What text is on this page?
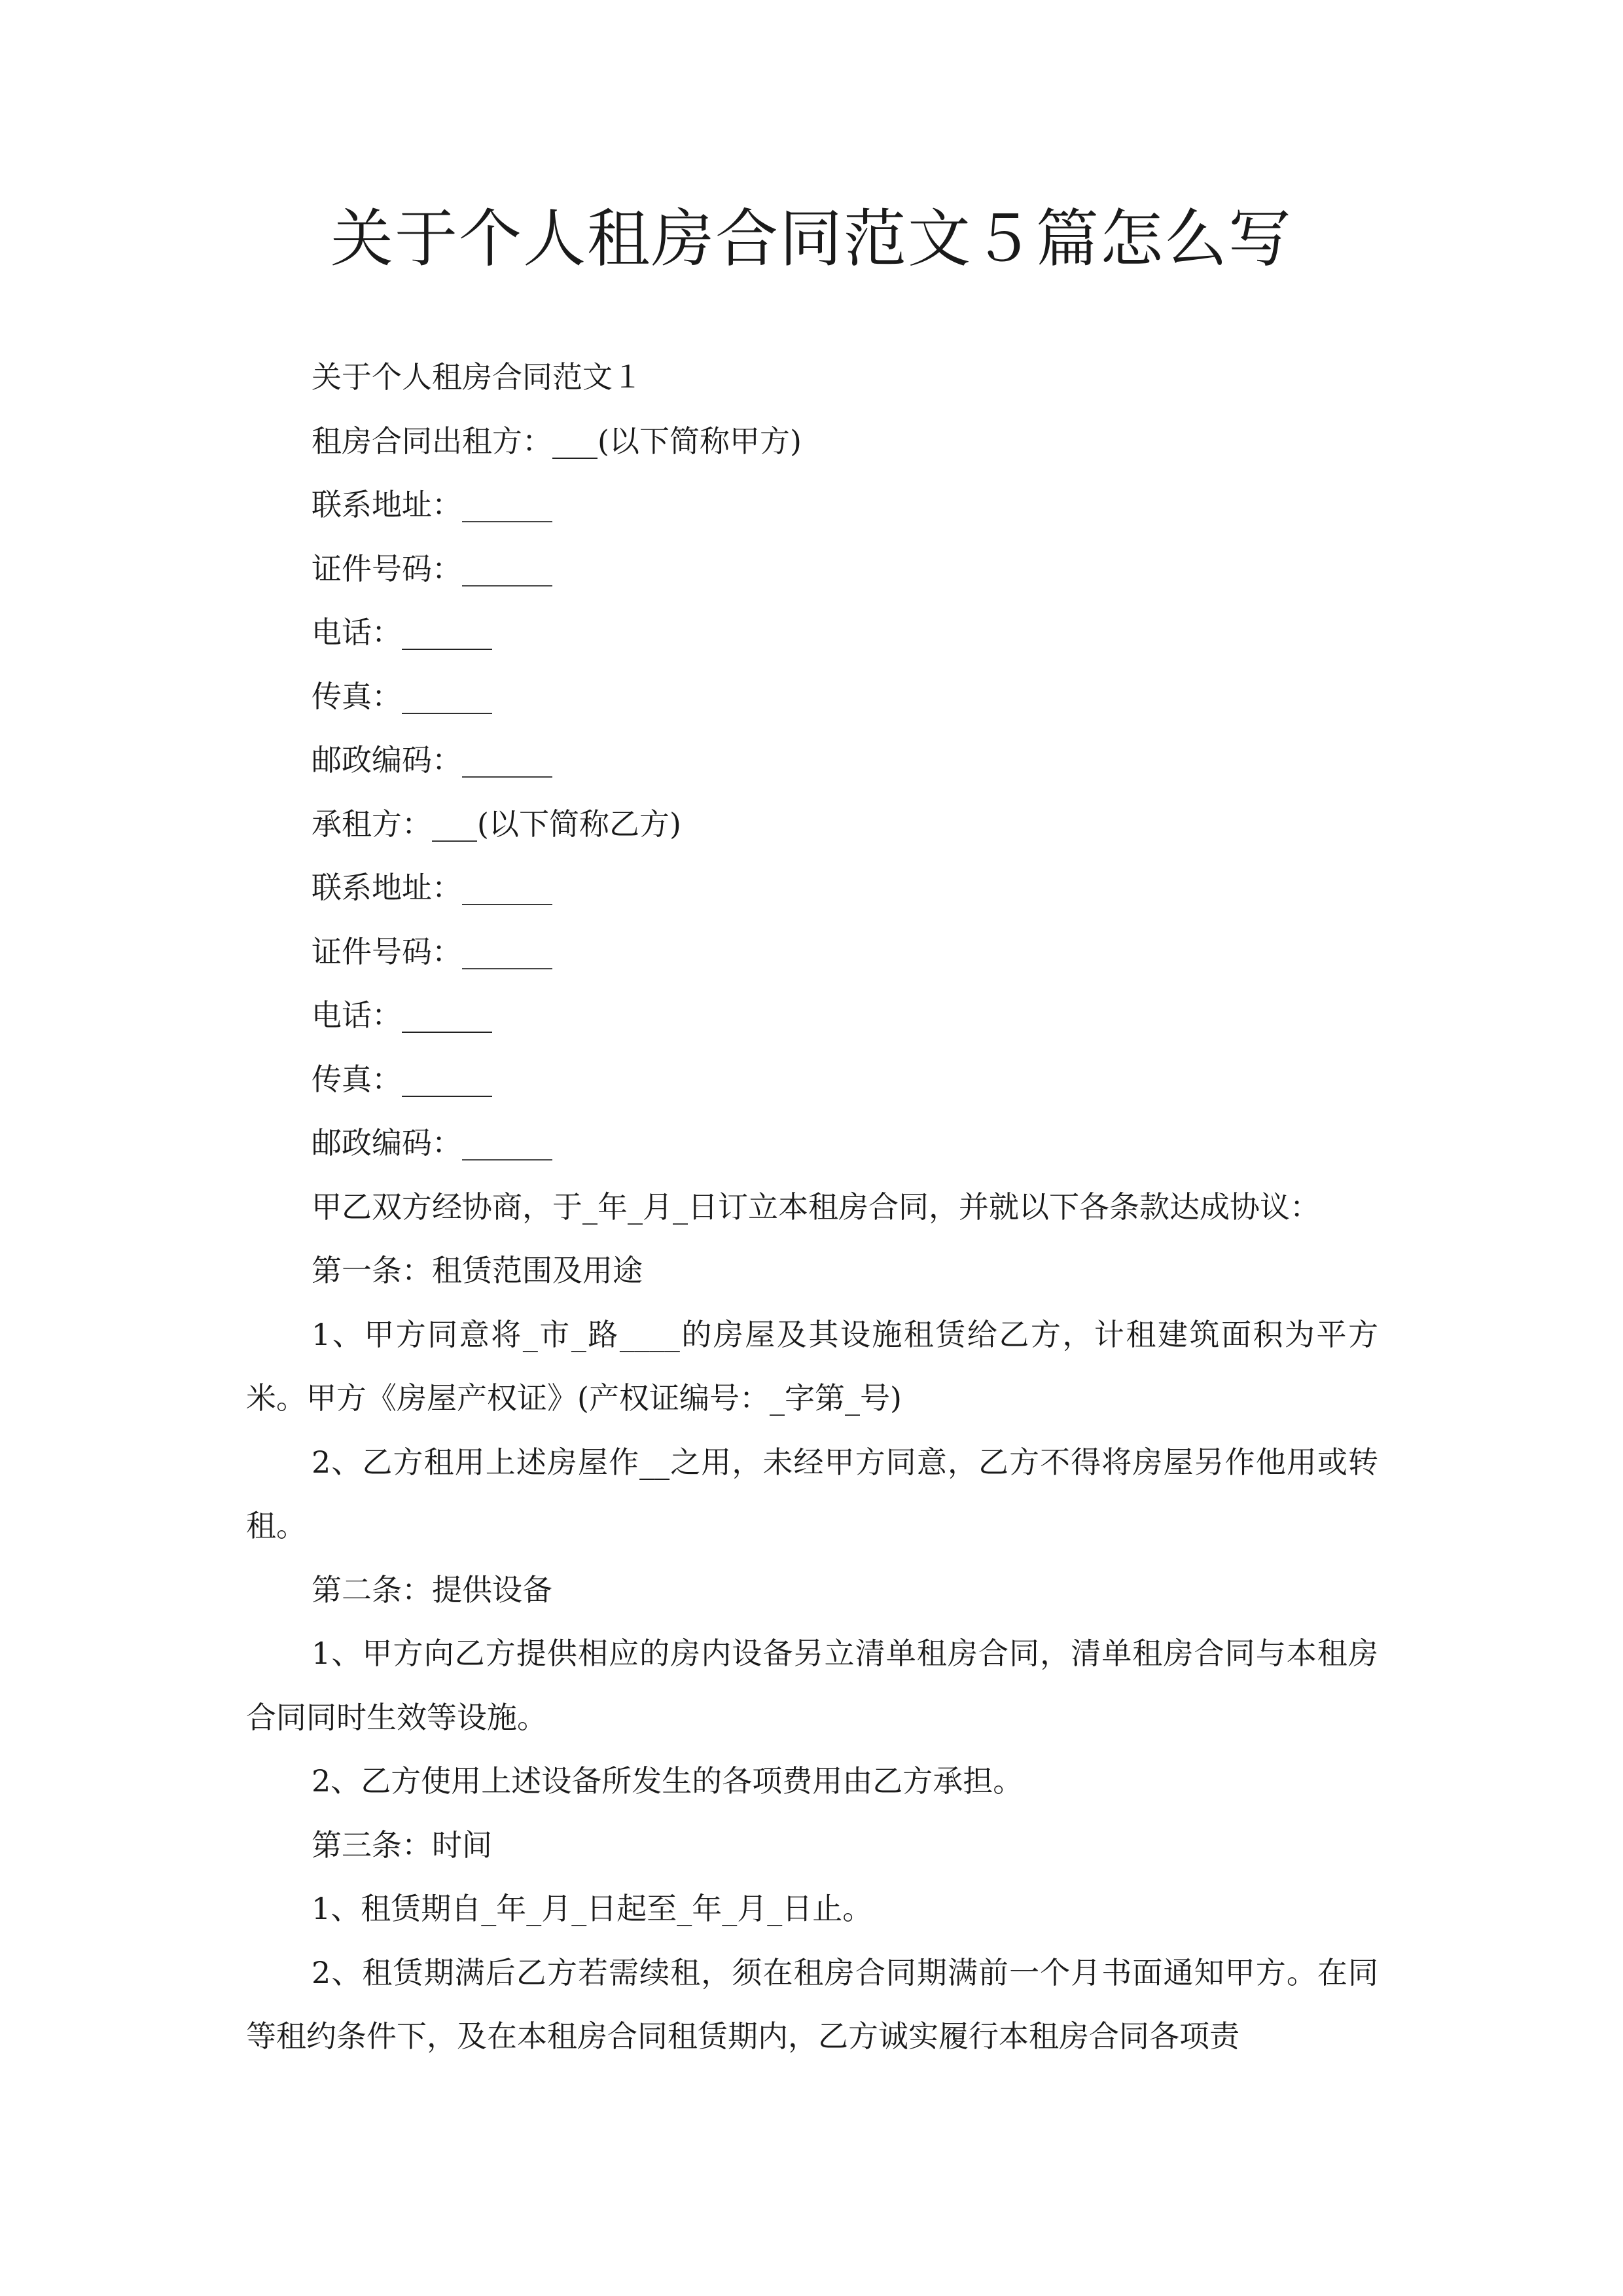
关于个人租房合同范文５篇怎么写

关于个人租房合同范文１

租房合同出租方：___(以下简称甲方)

联系地址：______

证件号码：______

电话：______

传真：______

邮政编码：______

承租方：___(以下简称乙方)

联系地址：______

证件号码：______

电话：______

传真：______

邮政编码：______

甲乙双方经协商，于_年_月_日订立本租房合同，并就以下各条款达成协议：

第一条：租赁范围及用途

1、甲方同意将_市_路____的房屋及其设施租赁给乙方，计租建筑面积为平方米。甲方《房屋产权证》(产权证编号：_字第_号)

2、乙方租用上述房屋作__之用，未经甲方同意，乙方不得将房屋另作他用或转租。

第二条：提供设备

1、甲方向乙方提供相应的房内设备另立清单租房合同，清单租房合同与本租房合同同时生效等设施。

2、乙方使用上述设备所发生的各项费用由乙方承担。

第三条：时间

1、租赁期自_年_月_日起至_年_月_日止。

2、租赁期满后乙方若需续租，须在租房合同期满前一个月书面通知甲方。在同等租约条件下，及在本租房合同租赁期内，乙方诚实履行本租房合同各项责
